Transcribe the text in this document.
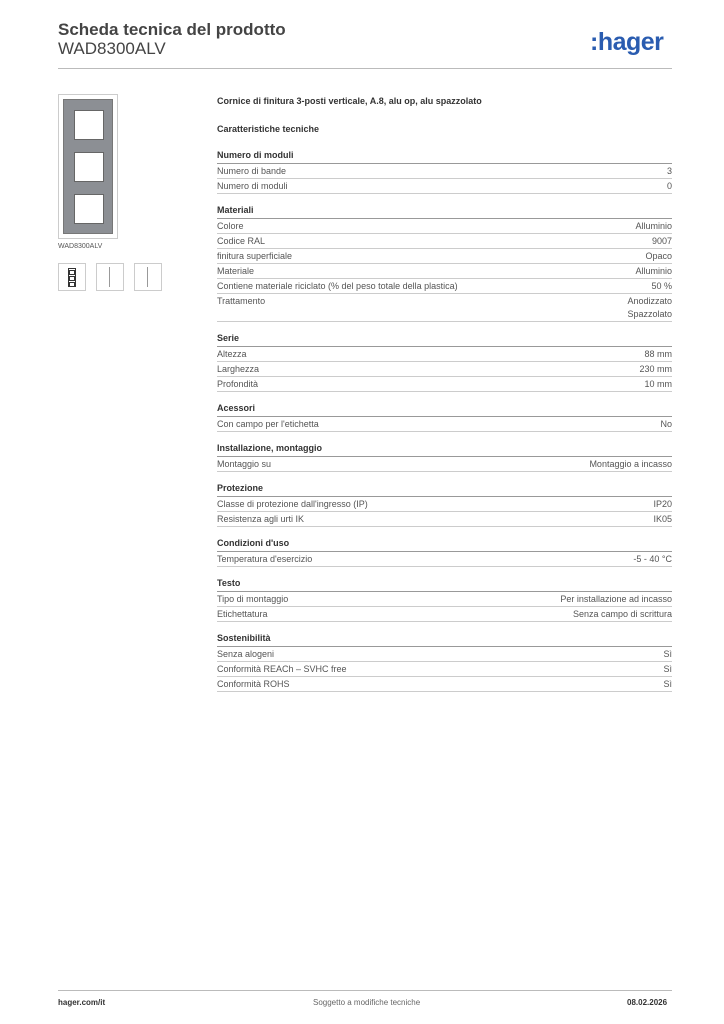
Scheda tecnica del prodotto
WAD8300ALV	:hager
WAD8300ALV
Cornice di finitura 3-posti verticale, A.8, alu op, alu spazzolato
Caratteristiche tecniche
Numero di moduli
Numero di bande	3
Numero di moduli	0
Materiali
Colore	Alluminio
Codice RAL	9007
finitura superficiale	Opaco
Materiale	Alluminio
Contiene materiale riciclato (% del peso totale della plastica)	50 %
Trattamento	Anodizzato
Spazzolato
Serie
Altezza	88 mm
Larghezza	230 mm
Profondità	10 mm
Acessori
Con campo per l'etichetta	No
Installazione, montaggio
Montaggio su	Montaggio a incasso
Protezione
Classe di protezione dall'ingresso (IP)	IP20
Resistenza agli urti IK	IK05
Condizioni d'uso
Temperatura d'esercizio	-5 - 40 °C
Testo
Tipo di montaggio	Per installazione ad incasso
Etichettatura	Senza campo di scrittura
Sostenibilità
Senza alogeni	Sì
Conformità REACh – SVHC free	Sì
Conformità ROHS	Sì
hager.com/it	Soggetto a modifiche tecniche	08.02.2026
